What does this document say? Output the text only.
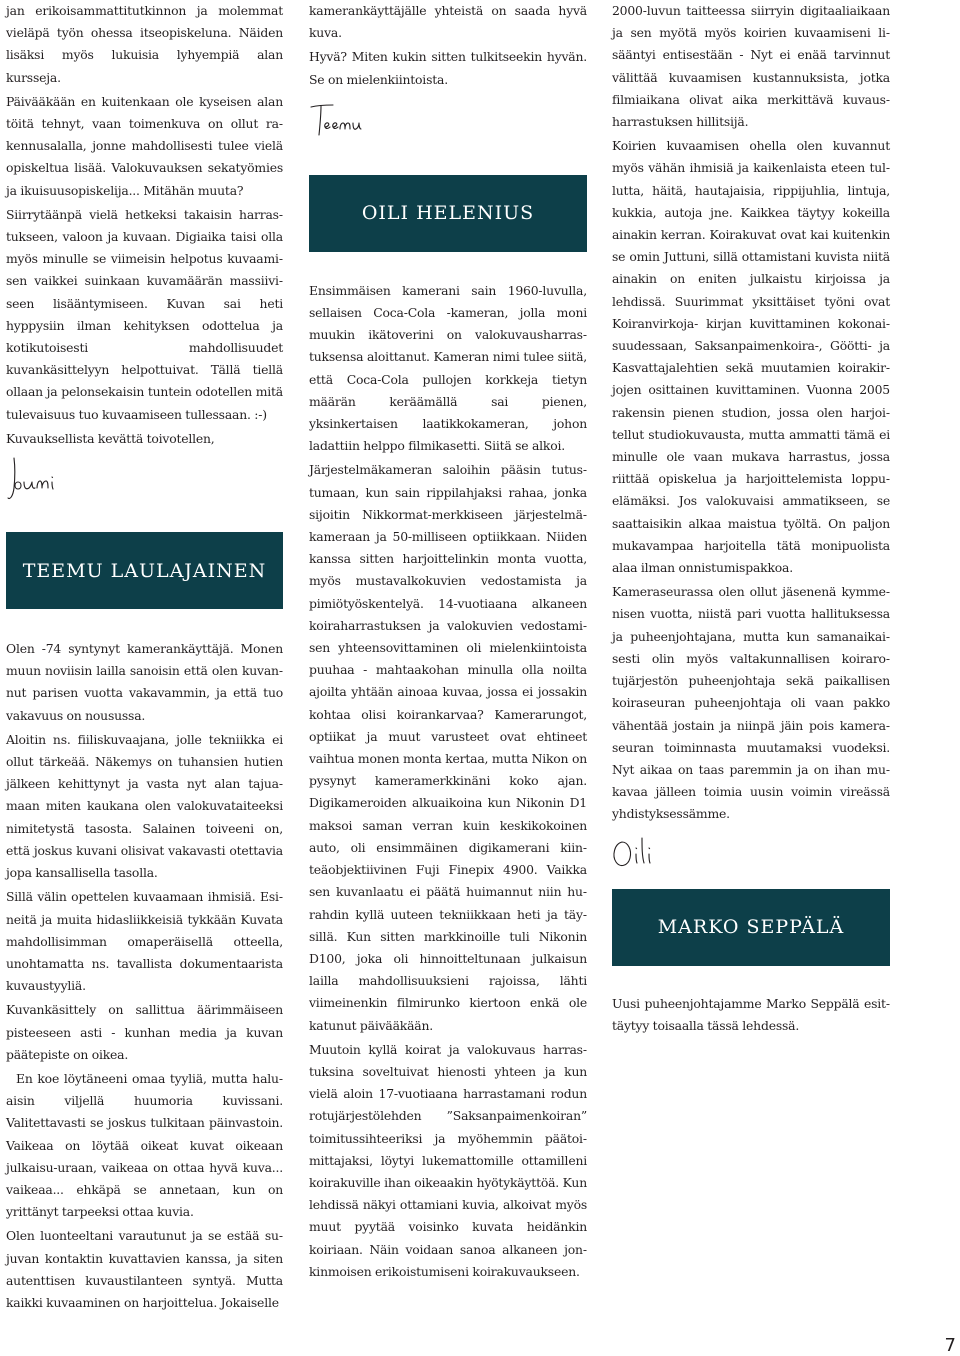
jan erikoisammattitutkinnon ja molemmat vieläpä työn ohessa itseopiskeluna. Näiden lisäksi myös lukuisia lyhyempiä alan kursseja.

Päivääkään en kuitenkaan ole kyseisen alan töitä tehnyt, vaan toimenkuva on ollut rakennusalalla, jonne mahdollisesti tulee vielä opiskeltua lisää. Valokuvauksen sekatyömies ja ikuisuusopiskelija... Mitähän muuta?

Siirrytäänpä vielä hetkeksi takaisin harrastukseen, valoon ja kuvaan. Digiaika taisi olla myös minulle se viimeisin helpotus kuvaamisen vaikkei suinkaan kuvamäärän massiiviseen lisääntymiseen. Kuvan sai heti hyppysiin ilman kehityksen odottelua ja kotikutoisesti mahdollisuudet kuvankäsittelyyn helpottuivat. Tällä tiellä ollaan ja pelonsekaisin tuntein odotellen mitä tulevaisuus tuo kuvaamiseen tullessaan. :-)

Kuvauksellista kevättä toivotellen,

TEEMU LAULAJAINEN

Olen -74 syntynyt kamerankäyttäjä. Monen muun noviisin lailla sanoisin että olen kuvannut parisen vuotta vakavammin, ja että tuo vakavuus on nousussa.

Aloitin ns. fiiliskuvaajana, jolle tekniikka ei ollut tärkeää. Näkemys on tuhansien hutien jälkeen kehittynyt ja vasta nyt alan tajuamaan miten kaukana olen valokuvataiteeksi nimitetystä tasosta. Salainen toiveeni on, että joskus kuvani olisivat vakavasti otettavia jopa kansallisella tasolla.

Sillä välin opettelen kuvaamaan ihmisiä. Esineitä ja muita hidasliikkeisiä tykkään Kuvata mahdollisimman omaperäisellä otteella, unohtamatta ns. tavallista dokumentaarista kuvaustyyliä.

Kuvankäsittely on sallittua äärimmäiseen pisteeseen asti - kunhan media ja kuvan päätepiste on oikea.

En koe löytäneeni omaa tyyliä, mutta haluaisin viljellä huumoria kuvissani. Valitettavasti se joskus tulkitaan päinvastoin. Vaikeaa on löytää oikeat kuvat oikeaan julkaisu-uraan, vaikeaa on ottaa hyvä kuva... vaikeaa... ehkäpä se annetaan, kun on yrittänyt tarpeeksi ottaa kuvia.

Olen luonteeltani varautunut ja se estää sujuvan kontaktin kuvattavien kanssa, ja siten autenttisen kuvaustilanteen syntyä. Mutta kaikki kuvaaminen on harjoittelua. Jokaiselle

kamerankäyttäjälle yhteistä on saada hyvä kuva.

Hyvä? Miten kukin sitten tulkitseekin hyvän. Se on mielenkiintoista.

OILI HELENIUS

Ensimmäisen kamerani sain 1960-luvulla, sellaisen Coca-Cola -kameran, jolla moni muukin ikätoverini on valokuvausharrastuksensa aloittanut. Kameran nimi tulee siitä, että Coca-Cola pullojen korkkeja tietyn määrän keräämällä sai pienen, yksinkertaisen laatikkokameran, johon ladattiin helppo filmikasetti. Siitä se alkoi.

Järjestelmäkameran saloihin pääsin tutustumaan, kun sain rippilahjaksi rahaa, jonka sijoitin Nikkormat-merkkiseen järjestelmäkameraan ja 50-milliseen optiikkaan. Niiden kanssa sitten harjoittelinkin monta vuotta, myös mustavalkokuvien vedostamista ja pimiötyöskentelyä. 14-vuotiaana alkaneen koiraharrastuksen ja valokuvien vedostamisen yhteensovittaminen oli mielenkiintoista puuhaa - mahtaakohan minulla olla noilta ajoilta yhtään ainoaa kuvaa, jossa ei jossakin kohtaa olisi koirankarvaa? Kamerarungot, optiikat ja muut varusteet ovat ehtineet vaihtua monen monta kertaa, mutta Nikon on pysynyt kameramerkkinäni koko ajan. Digikameroiden alkuaikoina kun Nikonin D1 maksoi saman verran kuin keskikokoinen auto, oli ensimmäinen digikamerani kiinteäobjektiivinen Fuji Finepix 4900. Vaikka sen kuvanlaatu ei päätä huimannut niin hurahdin kyllä uuteen tekniikkaan heti ja täysillä. Kun sitten markkinoille tuli Nikonin D100, joka oli hinnoitteltunaan julkaisun lailla mahdollisuuksieni rajoissa, lähti viimeinenkin filmirunko kiertoon enkä ole katunut päivääkään.

Muutoin kyllä koirat ja valokuvaus harrastuksina soveltuivat hienosti yhteen ja kun vielä aloin 17-vuotiaana harrastamani rodun rotujärjestölehden ”Saksanpaimenkoiran” toimitussihteeriksi ja myöhemmin päätoimittajaksi, löytyi lukemattomille ottamilleni koirakuville ihan oikeaakin hyötykäyttöä. Kun lehdissä näkyi ottamiani kuvia, alkoivat myös muut pyytää voisinko kuvata heidänkin koiriaan. Näin voidaan sanoa alkaneen jonkinmoisen erikoistumiseni koirakuvaukseen.

2000-luvun taitteessa siirryin digitaaliaikaan ja sen myötä myös koirien kuvaamiseni lisääntyi entisestään - Nyt ei enää tarvinnut välittää kuvaamisen kustannuksista, jotka filmiaikana olivat aika merkittävä kuvausharrastuksen hillitsijä.

Koirien kuvaamisen ohella olen kuvannut myös vähän ihmisiä ja kaikenlaista eteen tullutta, häitä, hautajaisia, rippijuhlia, lintuja, kukkia, autoja jne. Kaikkea täytyy kokeilla ainakin kerran. Koirakuvat ovat kai kuitenkin se omin Juttuni, sillä ottamistani kuvista niitä ainakin on eniten julkaistu kirjoissa ja lehdissä. Suurimmat yksittäiset työni ovat Koiranvirkoja- kirjan kuvittaminen kokonaisuudessaan, Saksanpaimenkoira-, Göötti- ja Kasvattajalehtien sekä muutamien koirakirjojen osittainen kuvittaminen. Vuonna 2005 rakensin pienen studion, jossa olen harjoitellut studiokuvausta, mutta ammatti tämä ei minulle ole vaan mukava harrastus, jossa riittää opiskelua ja harjoittelemista loppuelämäksi. Jos valokuvaisi ammatikseen, se saattaisikin alkaa maistua työltä. On paljon mukavampaa harjoitella tätä monipuolista alaa ilman onnistumispakkoa.

Kameraseurassa olen ollut jäsenenä kymmenisen vuotta, niistä pari vuotta hallituksessa ja puheenjohtajana, mutta kun samanaikaisesti olin myös valtakunnallisen koirarotujärjestön puheenjohtaja sekä paikallisen koiraseuran puheenjohtaja oli vaan pakko vähentää jostain ja niinpä jäin pois kameraseuran toiminnasta muutamaksi vuodeksi. Nyt aikaa on taas paremmin ja on ihan mukavaa jälleen toimia uusin voimin vireässä yhdistyksessämme.

MARKO SEPPÄLÄ

Uusi puheenjohtajamme Marko Seppälä esittäytyy toisaalla tässä lehdessä.

7
